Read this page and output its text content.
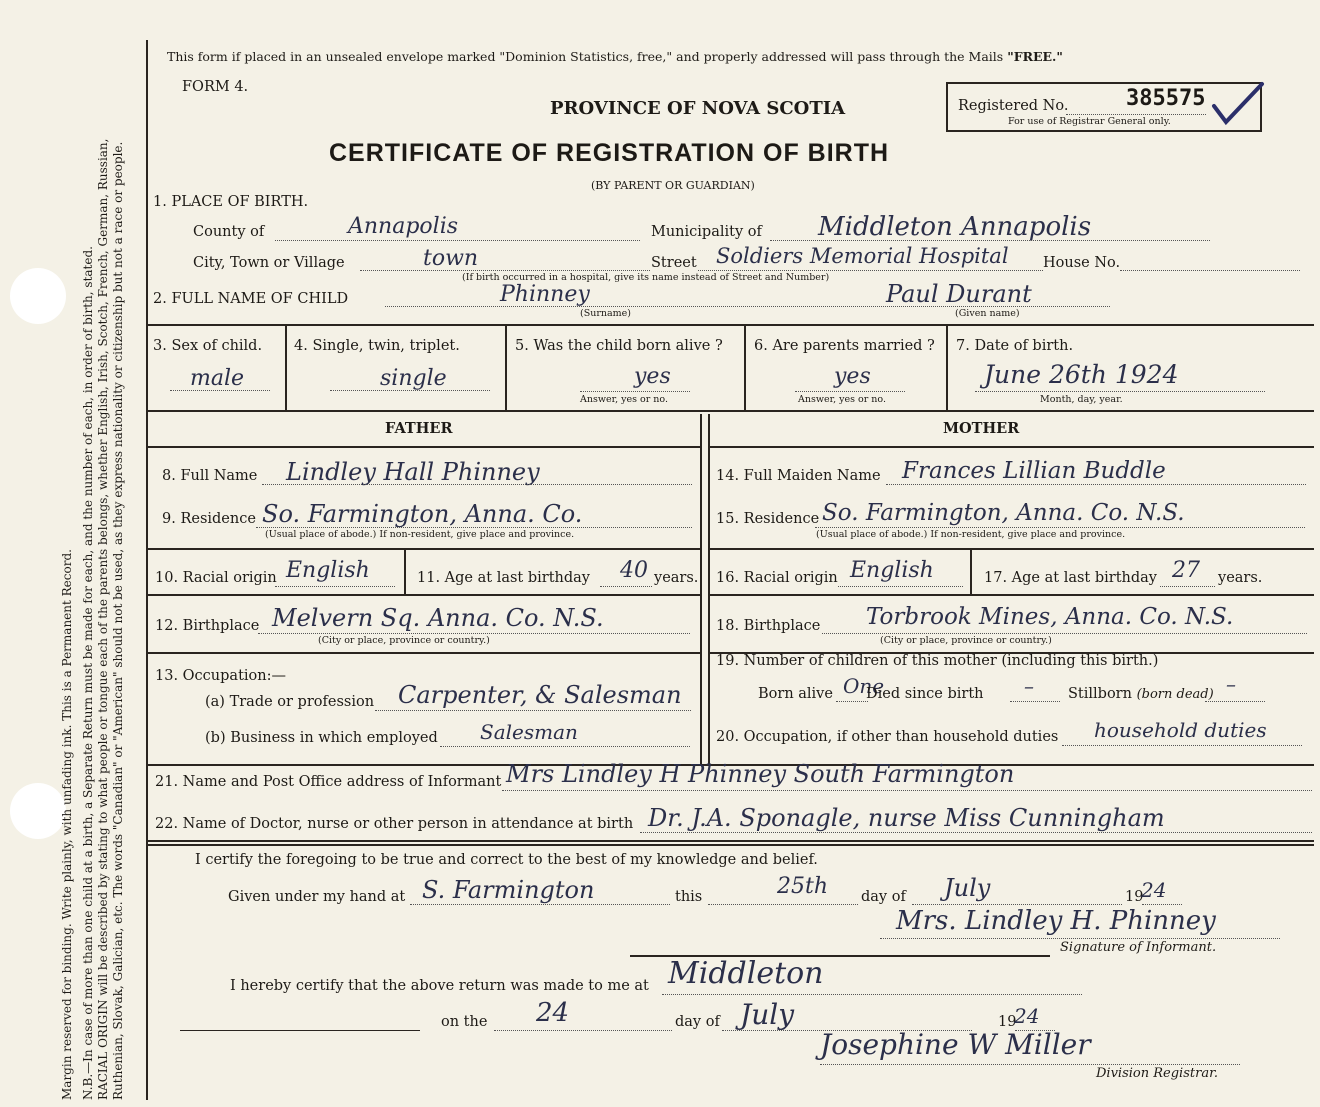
Margin reserved for binding. Write plainly, with unfading ink. This is a Permanent Record. N.B.—In case of more than one child at a birth, a Separate Return must be made for each, and the number of each, in order of birth, stated. RACIAL ORIGIN will be described by stating to what people or tongue each of the parents belongs, whether English, Irish, Scotch, French, German, Russian, Ruthenian, Slovak, Galician, etc. The words "Canadian" or "American" should not be used, as they express nationality or citizenship but not a race or people.
This form if placed in an unsealed envelope marked "Dominion Statistics, free," and properly addressed will pass through the Mails "FREE."
FORM 4.
PROVINCE OF NOVA SCOTIA
CERTIFICATE OF REGISTRATION OF BIRTH
(BY PARENT OR GUARDIAN)
Registered No.	385575
For use of Registrar General only.
1. PLACE OF BIRTH.
County of	Annapolis	Municipality of Middleton Annapolis
City, Town or Village	town	Street Soldiers Memorial Hospital House No.
(If birth occurred in a hospital, give its name instead of Street and Number)
2. FULL NAME OF CHILD	Phinney	Paul Durant
(Surname)	(Given name)
3. Sex of child.
male
4. Single, twin, triplet.
single
5. Was the child born alive ?
yes
Answer, yes or no.
6. Are parents married ?
yes
Answer, yes or no.
7. Date of birth.
June 26th 1924
Month, day, year.
FATHER	MOTHER
8. Full Name Lindley Hall Phinney
9. Residence So. Farmington, Anna. Co.
(Usual place of abode.) If non-resident, give place and province.
10. Racial origin English	11. Age at last birthday 40 years.
12. Birthplace Melvern Sq. Anna. Co. N.S.
(City or place, province or country.)
13. Occupation:—
(a) Trade or profession Carpenter, & Salesman
(b) Business in which employed Salesman
14. Full Maiden Name Frances Lillian Buddle
15. Residence So. Farmington, Anna. Co. N.S.
(Usual place of abode.) If non-resident, give place and province.
16. Racial origin English	17. Age at last birthday 27 years.
18. Birthplace Torbrook Mines, Anna. Co. N.S.
(City or place, province or country.)
19. Number of children of this mother (including this birth.)
Born alive One
Died since birth – Stillborn (born dead) –
20. Occupation, if other than household duties household duties
21. Name and Post Office address of Informant Mrs Lindley H Phinney South Farmington
22. Name of Doctor, nurse or other person in attendance at birth Dr. J.A. Sponagle, nurse Miss Cunningham
I certify the foregoing to be true and correct to the best of my knowledge and belief.
Given under my hand at S. Farmington	this	25th day of July	19
24
Mrs. Lindley H. Phinney
Signature of Informant.
I hereby certify that the above return was made to me at Middleton
on the 24	day of July	19
24
Josephine W Miller
Division Registrar.
